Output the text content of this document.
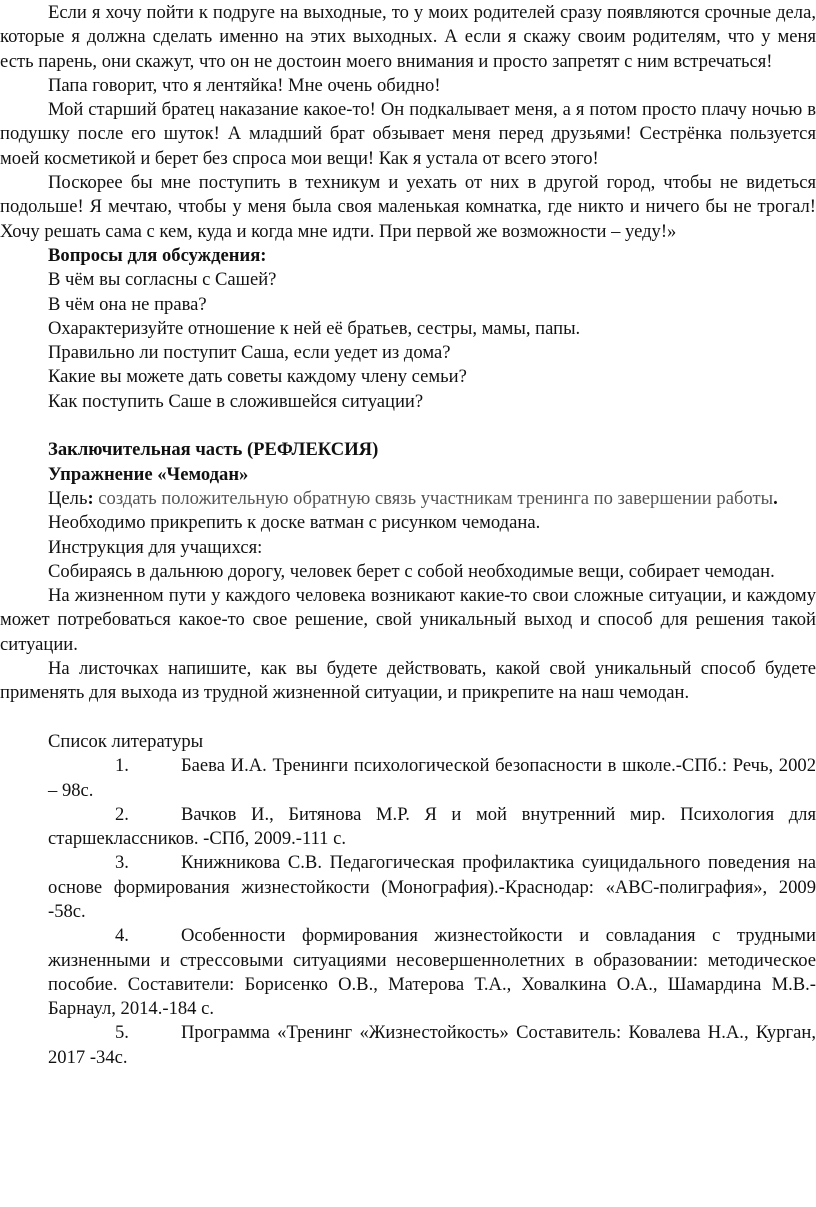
Если я хочу пойти к подруге на выходные, то у моих родителей сразу появляются срочные дела, которые я должна сделать именно на этих выходных. А если я скажу своим родителям, что у меня есть парень, они скажут, что он не достоин моего внимания и просто запретят с ним встречаться!

Папа говорит, что я лентяйка! Мне очень обидно!

Мой старший братец наказание какое-то! Он подкалывает меня, а я потом просто плачу ночью в подушку после его шуток! А младший брат обзывает меня перед друзьями! Сестрёнка пользуется моей косметикой и берет без спроса мои вещи! Как я устала от всего этого!

Поскорее бы мне поступить в техникум и уехать от них в другой город, чтобы не видеться подольше! Я мечтаю, чтобы у меня была своя маленькая комнатка, где никто и ничего бы не трогал! Хочу решать сама с кем, куда и когда мне идти. При первой же возможности – уеду!»

Вопросы для обсуждения:

В чём вы согласны с Сашей?

В чём она не права?

Охарактеризуйте отношение к ней её братьев, сестры, мамы, папы.

Правильно ли поступит Саша, если уедет из дома?

Какие вы можете дать советы каждому члену семьи?

Как поступить Саше в сложившейся ситуации?

Заключительная часть (РЕФЛЕКСИЯ)

Упражнение «Чемодан»

Цель: создать положительную обратную связь участникам тренинга по завершении работы.

Необходимо прикрепить к доске ватман с рисунком чемодана.

Инструкция для учащихся:

Собираясь в дальнюю дорогу, человек берет с собой необходимые вещи, собирает чемодан.

На жизненном пути у каждого человека возникают какие-то свои сложные ситуации, и каждому может потребоваться какое-то свое решение, свой уникальный выход и способ для решения такой ситуации.

На листочках напишите, как вы будете действовать, какой свой уникальный способ будете применять для выхода из трудной жизненной ситуации, и прикрепите на наш чемодан.

Список литературы

1.	Баева И.А. Тренинги психологической безопасности в школе.-СПб.: Речь, 2002 – 98с.

2.	Вачков И., Битянова М.Р. Я и мой внутренний мир. Психология для старшеклассников. -СПб, 2009.-111 с.

3.	Книжникова С.В. Педагогическая профилактика суицидального поведения на основе формирования жизнестойкости (Монография).-Краснодар: «АВС-полиграфия», 2009 -58с.

4.	Особенности формирования жизнестойкости и совладания с трудными жизненными и стрессовыми ситуациями несовершеннолетних в образовании: методическое пособие. Составители: Борисенко О.В., Матерова Т.А., Ховалкина О.А., Шамардина М.В.-Барнаул, 2014.-184 с.

5.	Программа «Тренинг «Жизнестойкость» Составитель: Ковалева Н.А., Курган, 2017 -34с.
